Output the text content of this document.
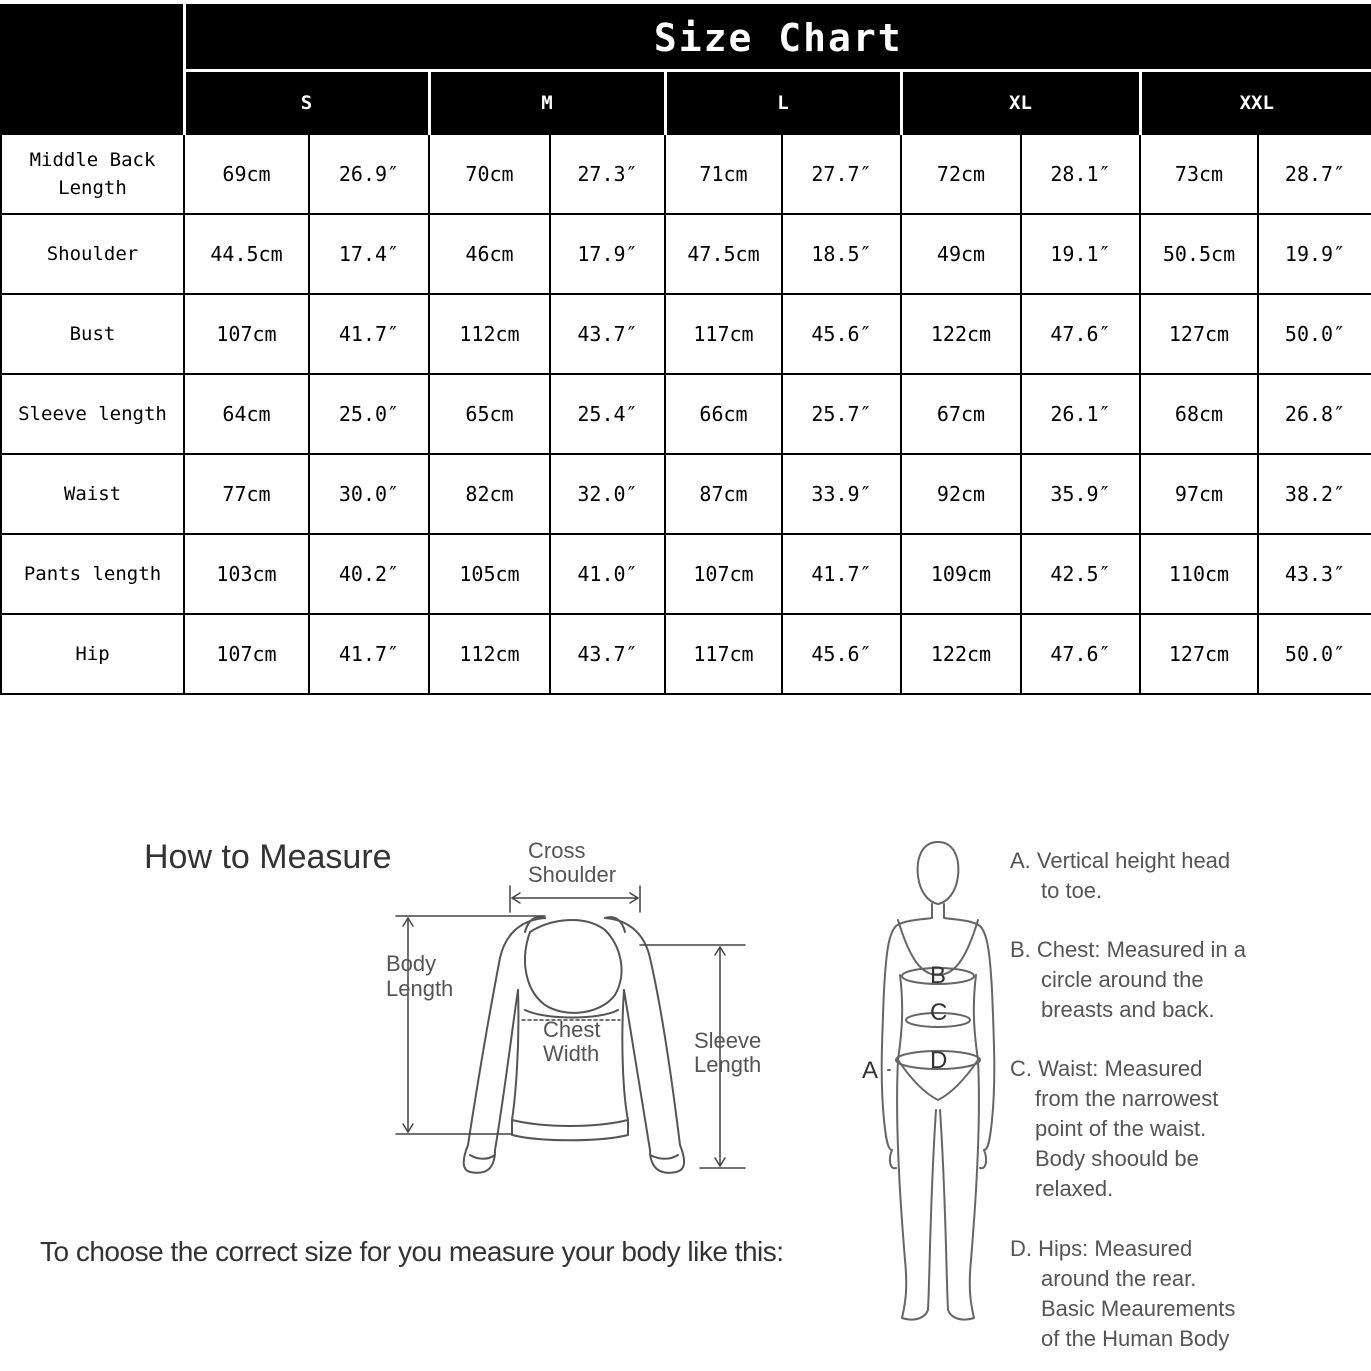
	Size Chart									
	S		M		L		XL		XXL	

Middle Back
Length	69cm	26.9″	70cm	27.3″	71cm	27.7″	72cm	28.1″	73cm	28.7″

Shoulder	44.5cm	17.4″	46cm	17.9″	47.5cm	18.5″	49cm	19.1″	50.5cm	19.9″

Bust	107cm	41.7″	112cm	43.7″	117cm	45.6″	122cm	47.6″	127cm	50.0″

Sleeve length	64cm	25.0″	65cm	25.4″	66cm	25.7″	67cm	26.1″	68cm	26.8″

Waist	77cm	30.0″	82cm	32.0″	87cm	33.9″	92cm	35.9″	97cm	38.2″

Pants length	103cm	40.2″	105cm	41.0″	107cm	41.7″	109cm	42.5″	110cm	43.3″

Hip	107cm	41.7″	112cm	43.7″	117cm	45.6″	122cm	47.6″	127cm	50.0″
How to Measure
To choose the correct size for you measure your body like this:
Cross
Shoulder
Body
Length
Chest
Width
Sleeve
Length	A
B
C
D
A. Vertical height head
to toe.
B. Chest: Measured in a
circle around the
breasts and back.
C. Waist: Measured
from the narrowest
point of the waist.
Body shoould be
relaxed.
D. Hips: Measured
around the rear.
Basic Meaurements
of the Human Body
